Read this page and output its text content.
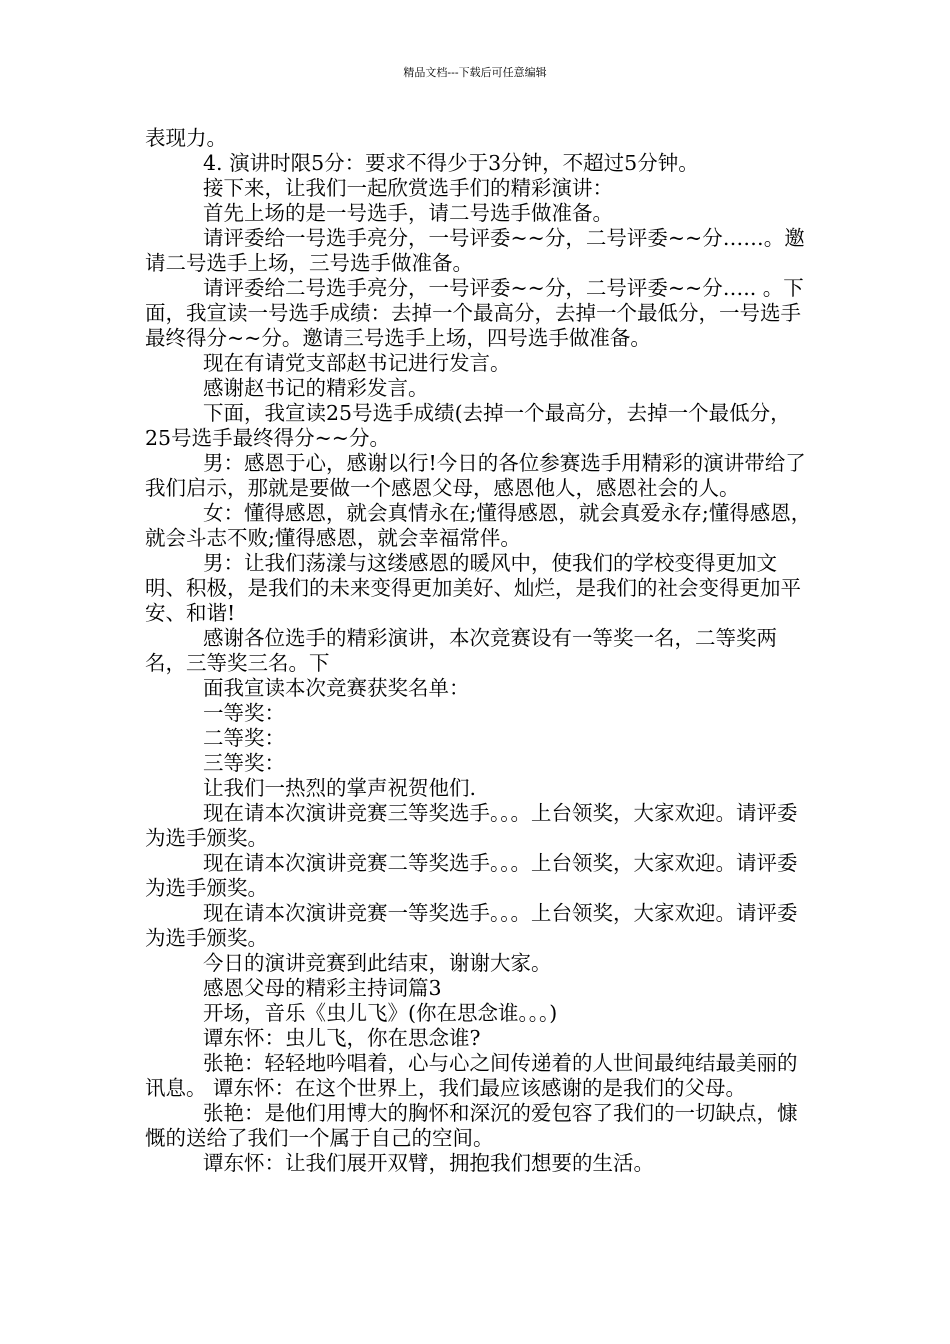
精品文档---下载后可任意编辑

表现力。

4. 演讲时限5分：要求不得少于3分钟，不超过5分钟。

接下来，让我们一起欣赏选手们的精彩演讲：

首先上场的是一号选手，请二号选手做准备。

请评委给一号选手亮分，一号评委~~分，二号评委~~分……。邀请二号选手上场，三号选手做准备。

请评委给二号选手亮分，一号评委~~分，二号评委~~分….. 。下面，我宣读一号选手成绩：去掉一个最高分，去掉一个最低分，一号选手最终得分~~分。邀请三号选手上场，四号选手做准备。

现在有请党支部赵书记进行发言。

感谢赵书记的精彩发言。

下面，我宣读25号选手成绩(去掉一个最高分，去掉一个最低分，25号选手最终得分~~分。

男：感恩于心，感谢以行!今日的各位参赛选手用精彩的演讲带给了我们启示，那就是要做一个感恩父母，感恩他人，感恩社会的人。

女：懂得感恩，就会真情永在;懂得感恩，就会真爱永存;懂得感恩，就会斗志不败;懂得感恩，就会幸福常伴。

男：让我们荡漾与这缕感恩的暖风中，使我们的学校变得更加文明、积极，是我们的未来变得更加美好、灿烂，是我们的社会变得更加平安、和谐!

感谢各位选手的精彩演讲，本次竞赛设有一等奖一名，二等奖两名，三等奖三名。下

面我宣读本次竞赛获奖名单：

一等奖：

二等奖：

三等奖：

让我们一热烈的掌声祝贺他们.

现在请本次演讲竞赛三等奖选手。。。上台领奖，大家欢迎。请评委为选手颁奖。

现在请本次演讲竞赛二等奖选手。。。上台领奖，大家欢迎。请评委为选手颁奖。

现在请本次演讲竞赛一等奖选手。。。上台领奖，大家欢迎。请评委为选手颁奖。

今日的演讲竞赛到此结束，谢谢大家。

感恩父母的精彩主持词篇3

开场，音乐《虫儿飞》(你在思念谁。。。)

谭东怀：虫儿飞，你在思念谁?

张艳：轻轻地吟唱着，心与心之间传递着的人世间最纯结最美丽的讯息。 谭东怀：在这个世界上，我们最应该感谢的是我们的父母。

张艳：是他们用博大的胸怀和深沉的爱包容了我们的一切缺点，慷慨的送给了我们一个属于自己的空间。

谭东怀：让我们展开双臂，拥抱我们想要的生活。
